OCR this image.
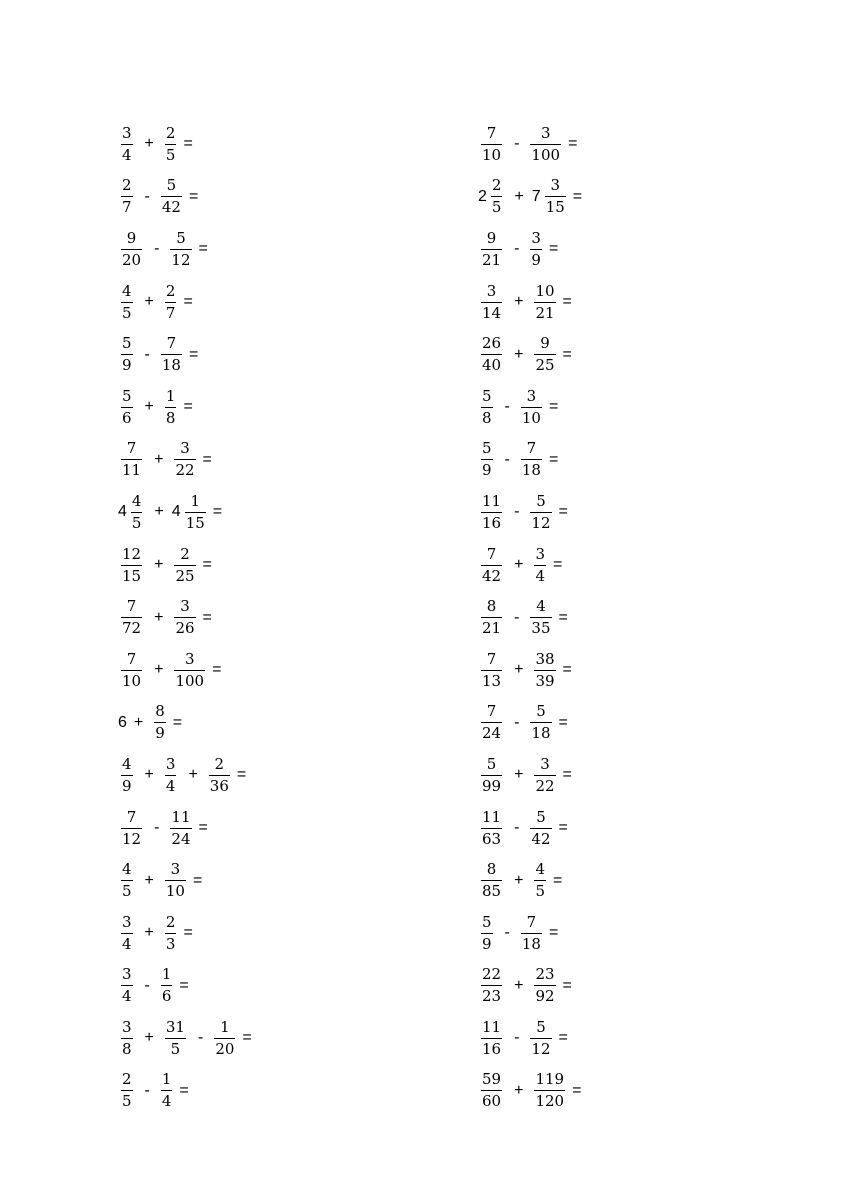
$\frac{3}{4} + \frac{2}{5}$ =
$\frac{2}{7} - \frac{5}{42}$ =
$\frac{9}{20} - \frac{5}{12}$ =
$\frac{4}{5} + \frac{2}{7}$ =
$\frac{5}{9} - \frac{7}{18}$ =
$\frac{5}{6} + \frac{1}{8}$ =
$\frac{7}{11} + \frac{3}{22}$ =
$4 \frac{4}{5} + 4 \frac{1}{15}$ =
$\frac{12}{15} + \frac{2}{25}$ =
$\frac{7}{72} + \frac{3}{26}$ =
$\frac{7}{10} + \frac{3}{100}$ =
$6 + \frac{8}{9}$ =
$\frac{4}{9} + \frac{3}{4} + \frac{2}{36}$ =
$\frac{7}{12} - \frac{11}{24}$ =
$\frac{4}{5} + \frac{3}{10}$ =
$\frac{3}{4} + \frac{2}{3}$ =
$\frac{3}{4} - \frac{1}{6}$ =
$\frac{3}{8} + \frac{31}{5} - \frac{1}{20}$ =
$\frac{2}{5} - \frac{1}{4}$ =
$\frac{7}{10} - \frac{3}{100}$ =
$2 \frac{2}{5} + 7 \frac{3}{15}$ =
$\frac{9}{21} - \frac{3}{9}$ =
$\frac{3}{14} + \frac{10}{21}$ =
$\frac{26}{40} + \frac{9}{25}$ =
$\frac{5}{8} - \frac{3}{10}$ =
$\frac{5}{9} - \frac{7}{18}$ =
$\frac{11}{16} - \frac{5}{12}$ =
$\frac{7}{42} + \frac{3}{4}$ =
$\frac{8}{21} - \frac{4}{35}$ =
$\frac{7}{13} + \frac{38}{39}$ =
$\frac{7}{24} - \frac{5}{18}$ =
$\frac{5}{99} + \frac{3}{22}$ =
$\frac{11}{63} - \frac{5}{42}$ =
$\frac{8}{85} + \frac{4}{5}$ =
$\frac{5}{9} - \frac{7}{18}$ =
$\frac{22}{23} + \frac{23}{92}$ =
$\frac{11}{16} - \frac{5}{12}$ =
$\frac{59}{60} + \frac{119}{120}$ =
